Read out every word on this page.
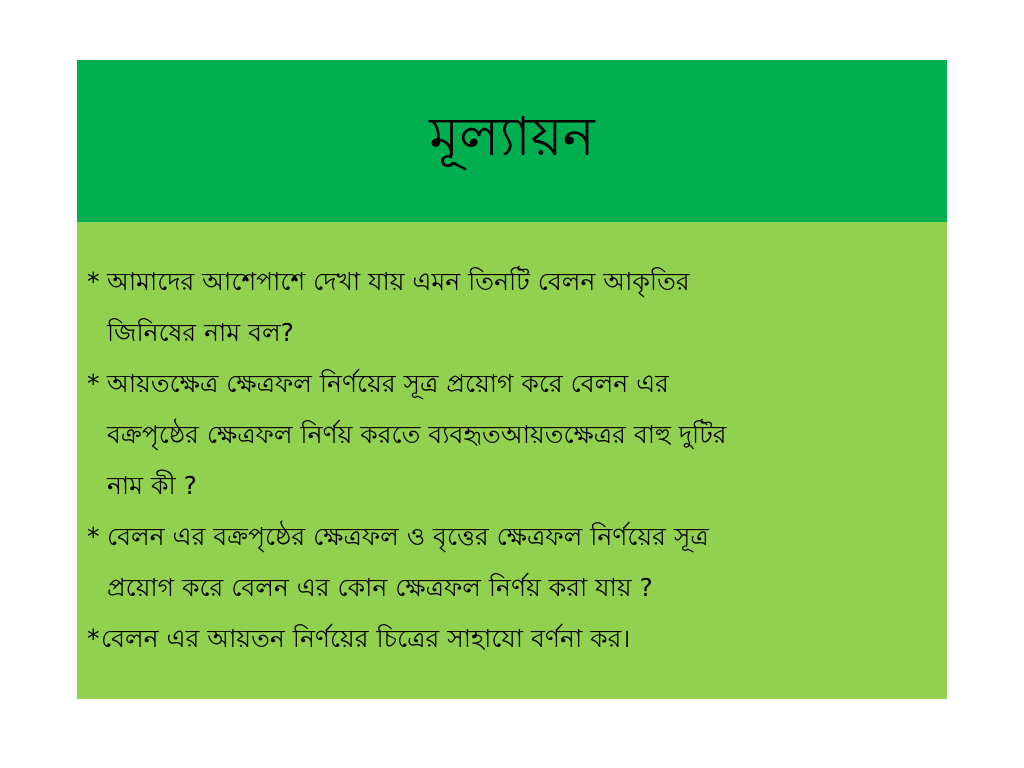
মূল্যায়ন
* আমাদের আশেপাশে দেখা যায় এমন তিনটি বেলন আকৃতির
জিনিষের নাম বল?
* আয়তক্ষেত্র ক্ষেত্রফল নির্ণয়ের সূত্র প্রয়োগ করে বেলন এর
বক্রপৃষ্ঠের ক্ষেত্রফল নির্ণয় করতে ব্যবহৃতআয়তক্ষেত্রর বাহু দুটির
নাম কী ?
* বেলন এর বক্রপৃষ্ঠের ক্ষেত্রফল ও বৃত্তের ক্ষেত্রফল নির্ণয়ের সূত্র
প্রয়োগ করে বেলন এর কোন ক্ষেত্রফল নির্ণয় করা যায় ?
* বেলন এর আয়তন নির্ণয়ের চিত্রের সাহাযো বর্ণনা কর।
